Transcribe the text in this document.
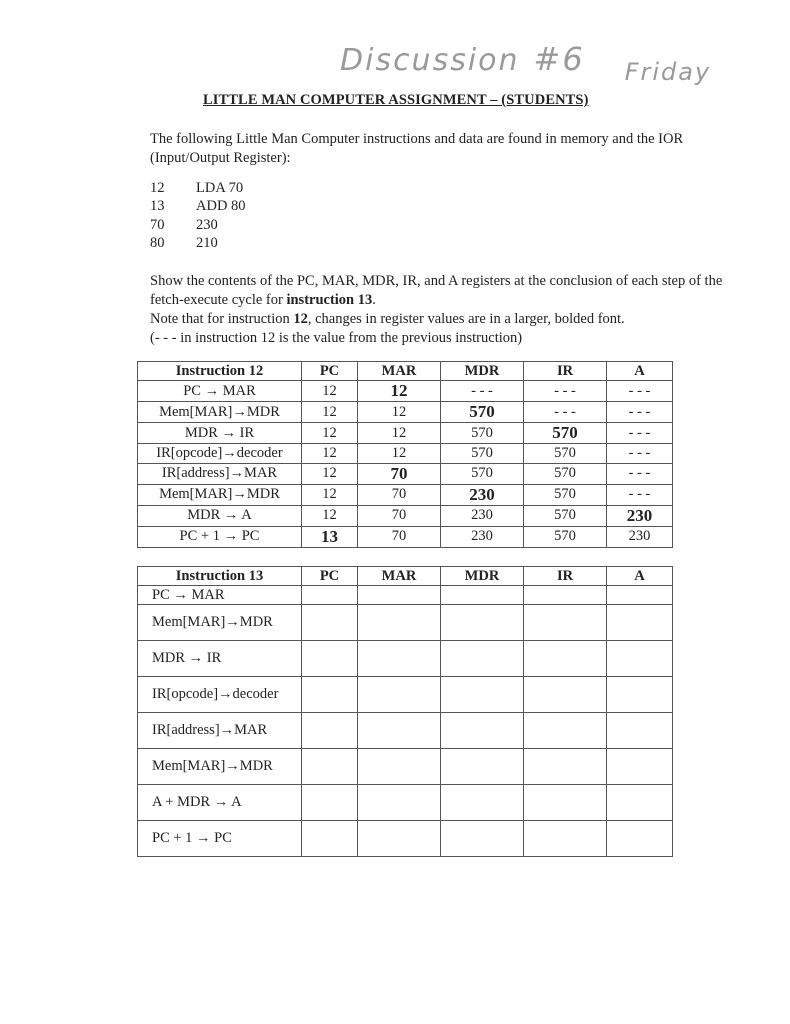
Discussion #6 Friday
LITTLE MAN COMPUTER ASSIGNMENT – (STUDENTS)
The following Little Man Computer instructions and data are found in memory and the IOR (Input/Output Register):
12	LDA 70
13	ADD 80
70	230
80	210
Show the contents of the PC, MAR, MDR, IR, and A registers at the conclusion of each step of the fetch-execute cycle for instruction 13.
Note that for instruction 12, changes in register values are in a larger, bolded font.
(- - - in instruction 12 is the value from the previous instruction)
Instruction 12	PC	MAR	MDR	IR	A
PC → MAR	12	12	- - -	- - -	- - -
Mem[MAR]→MDR	12	12	570	- - -	- - -
MDR → IR	12	12	570	570	- - -
IR[opcode]→decoder	12	12	570	570	- - -
IR[address]→MAR	12	70	570	570	- - -
Mem[MAR]→MDR	12	70	230	570	- - -
MDR → A	12	70	230	570	230
PC + 1 → PC	13	70	230	570	230
Instruction 13	PC	MAR	MDR	IR	A
PC → MAR					
Mem[MAR]→MDR					
MDR → IR					
IR[opcode]→decoder					
IR[address]→MAR					
Mem[MAR]→MDR					
A + MDR → A					
PC + 1 → PC					
